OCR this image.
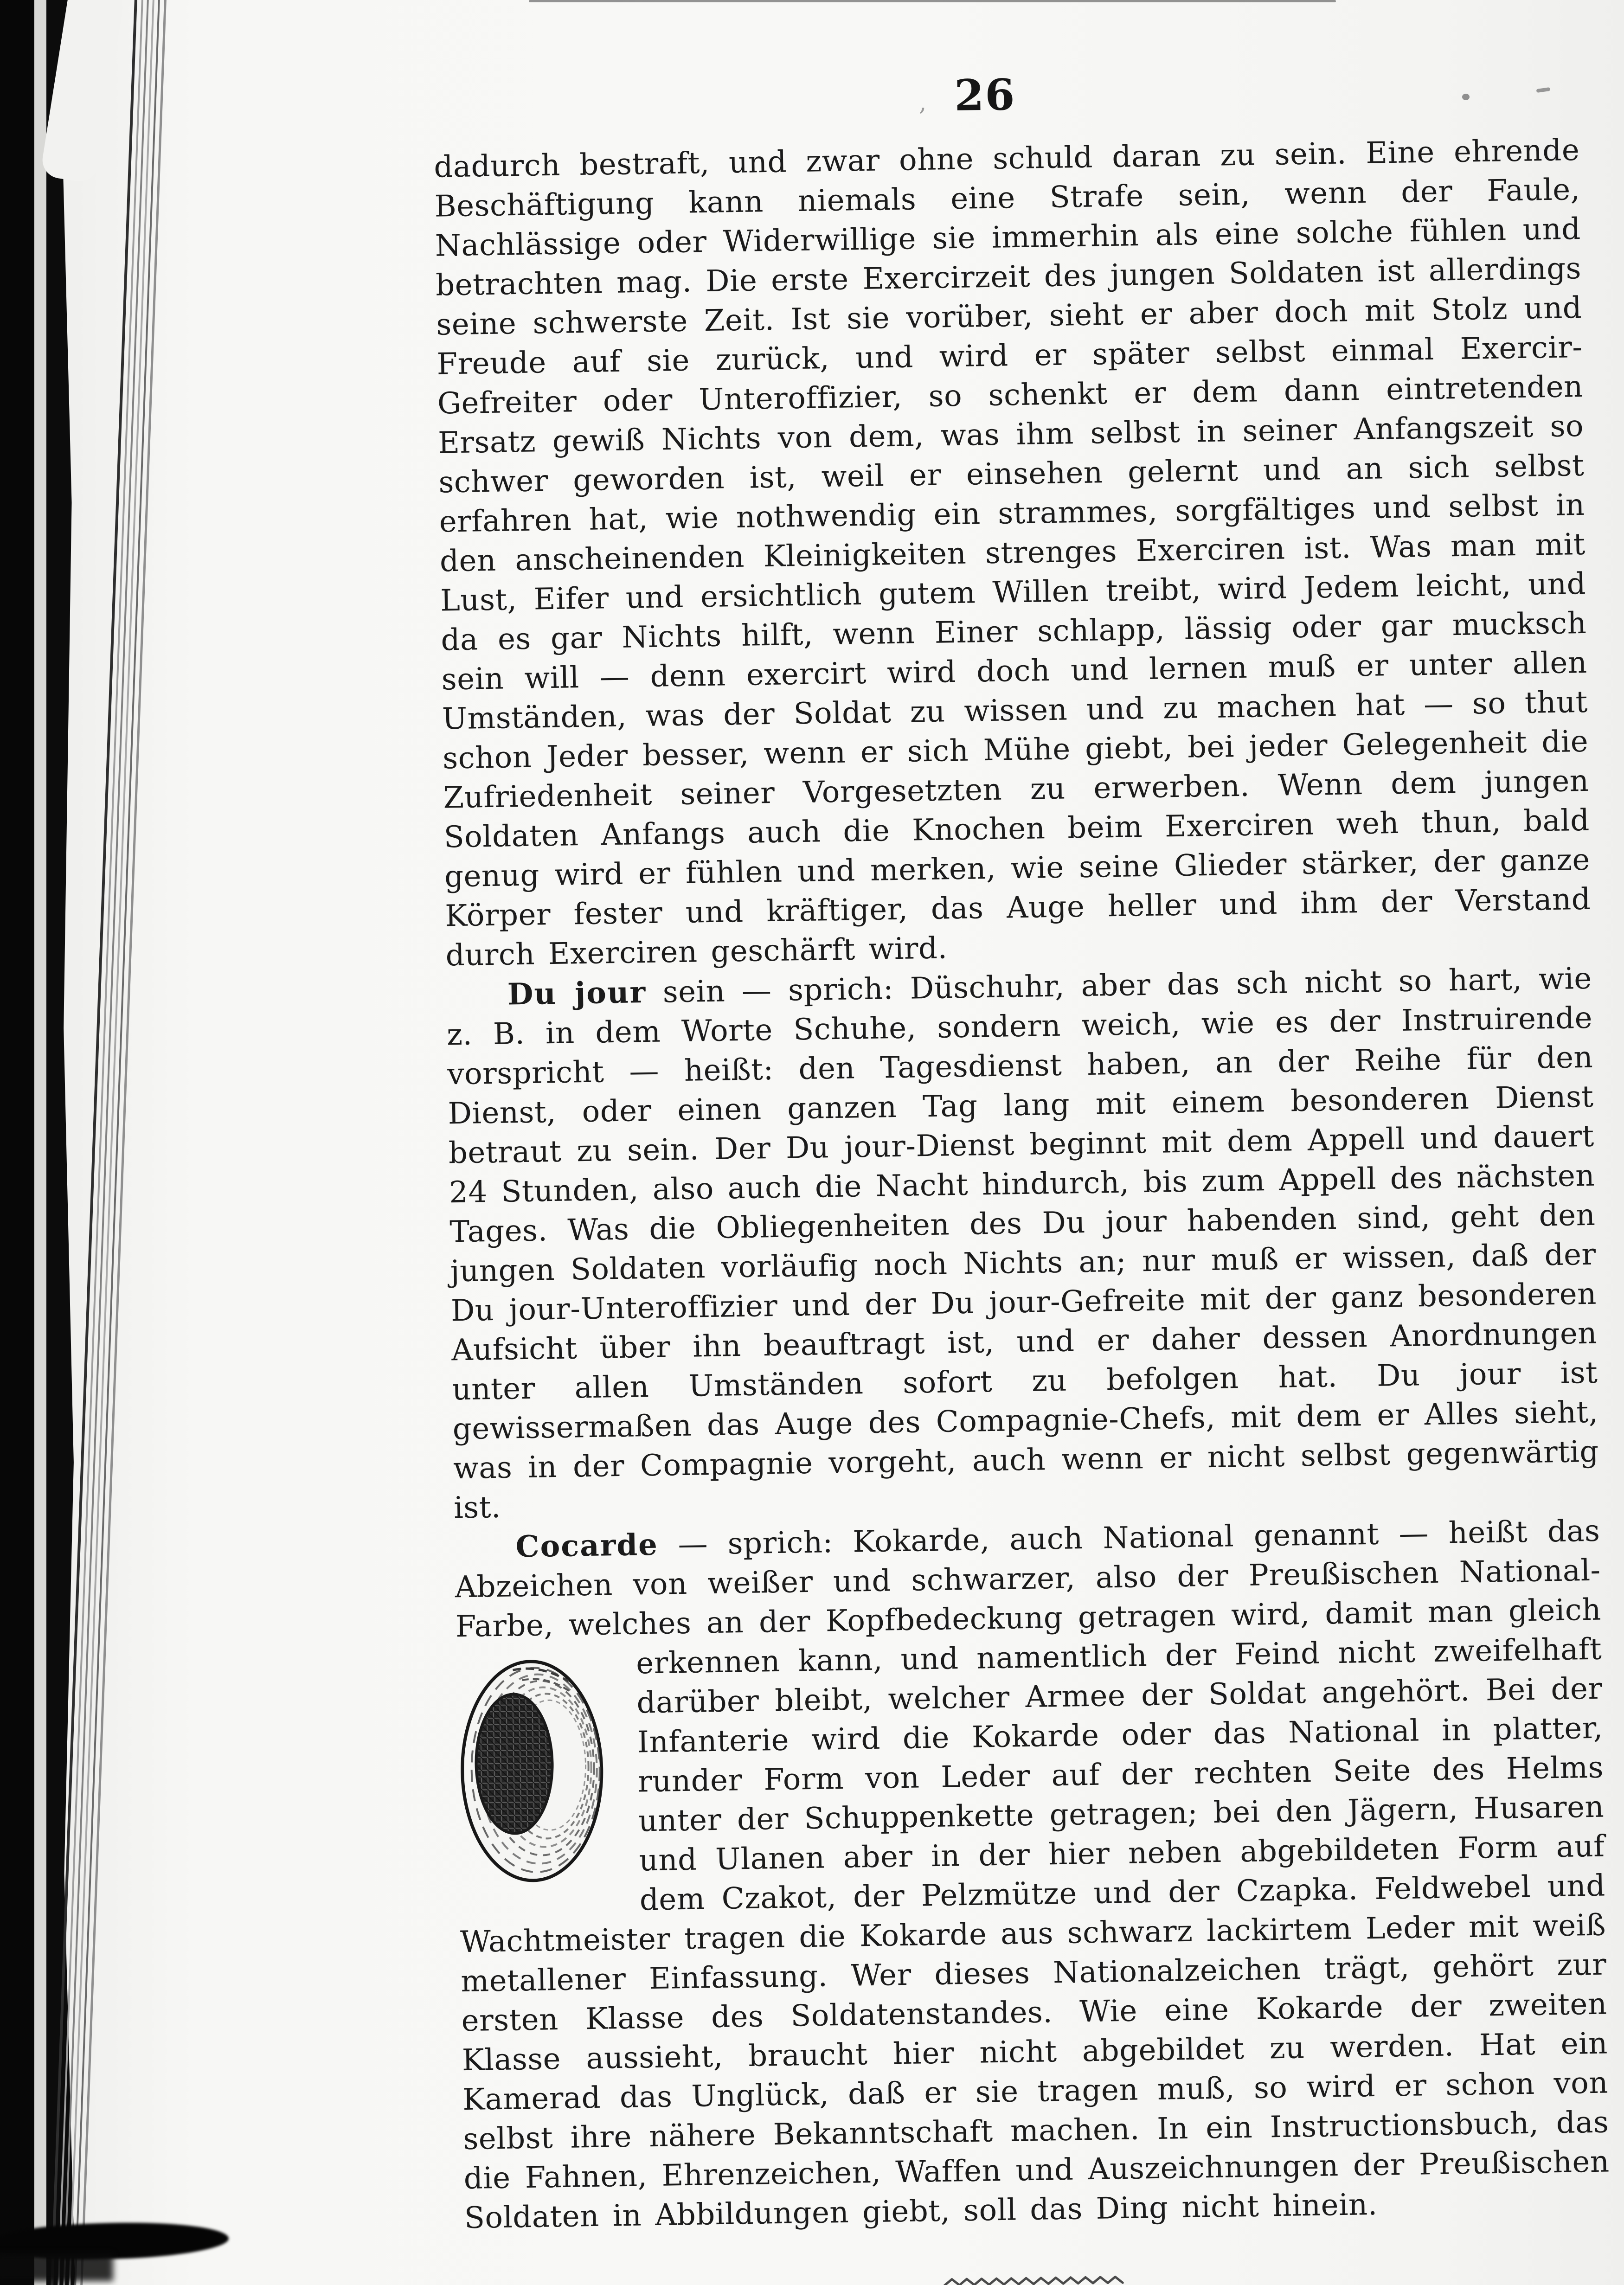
, 26

dadurch bestraft, und zwar ohne schuld daran zu sein. Eine ehrende Beschäftigung kann niemals eine Strafe sein, wenn der Faule, Nachlässige oder Widerwillige sie immerhin als eine solche fühlen und betrachten mag. Die erste Exercirzeit des jungen Soldaten ist allerdings seine schwerste Zeit. Ist sie vorüber, sieht er aber doch mit Stolz und Freude auf sie zurück, und wird er später selbst einmal Exercir-Gefreiter oder Unteroffizier, so schenkt er dem dann eintretenden Ersatz gewiß Nichts von dem, was ihm selbst in seiner Anfangszeit so schwer geworden ist, weil er einsehen gelernt und an sich selbst erfahren hat, wie nothwendig ein strammes, sorgfältiges und selbst in den anscheinenden Kleinigkeiten strenges Exerciren ist. Was man mit Lust, Eifer und ersichtlich gutem Willen treibt, wird Jedem leicht, und da es gar Nichts hilft, wenn Einer schlapp, lässig oder gar mucksch sein will — denn exercirt wird doch und lernen muß er unter allen Umständen, was der Soldat zu wissen und zu machen hat — so thut schon Jeder besser, wenn er sich Mühe giebt, bei jeder Gelegenheit die Zufriedenheit seiner Vorgesetzten zu erwerben. Wenn dem jungen Soldaten Anfangs auch die Knochen beim Exerciren weh thun, bald genug wird er fühlen und merken, wie seine Glieder stärker, der ganze Körper fester und kräftiger, das Auge heller und ihm der Verstand durch Exerciren geschärft wird.

Du jour sein — sprich: Düschuhr, aber das sch nicht so hart, wie z. B. in dem Worte Schuhe, sondern weich, wie es der Instruirende vorspricht — heißt: den Tagesdienst haben, an der Reihe für den Dienst, oder einen ganzen Tag lang mit einem besonderen Dienst betraut zu sein. Der Du jour-Dienst beginnt mit dem Appell und dauert 24 Stunden, also auch die Nacht hindurch, bis zum Appell des nächsten Tages. Was die Obliegenheiten des Du jour habenden sind, geht den jungen Soldaten vorläufig noch Nichts an; nur muß er wissen, daß der Du jour-Unteroffizier und der Du jour-Gefreite mit der ganz besonderen Aufsicht über ihn beauftragt ist, und er daher dessen Anordnungen unter allen Umständen sofort zu befolgen hat. Du jour ist gewissermaßen das Auge des Compagnie-Chefs, mit dem er Alles sieht, was in der Compagnie vorgeht, auch wenn er nicht selbst gegenwärtig ist.

Cocarde — sprich: Kokarde, auch National genannt — heißt das Abzeichen von weißer und schwarzer, also der Preußischen National-Farbe, welches an der Kopfbedeckung getragen wird, damit man gleich erkennen kann, und namentlich
der Feind nicht zweifelhaft darüber bleibt, welcher Armee der Soldat angehört. Bei der Infanterie wird die Kokarde oder das National in platter, runder Form von Leder auf der rechten Seite des Helms unter der Schuppenkette getragen; bei den Jägern, Husaren und Ulanen aber in der hier neben abgebildeten Form auf dem Czakot, der Pelzmütze und der Czapka. Feldwebel und Wachtmeister tragen die Kokarde aus schwarz lackirtem Leder mit weiß metallener Einfassung. Wer dieses Nationalzeichen trägt, gehört zur ersten Klasse des Soldatenstandes. Wie eine Kokarde der zweiten Klasse aussieht, braucht hier nicht abgebildet zu werden. Hat ein Kamerad das Unglück, daß er sie tragen muß, so wird er schon von selbst ihre nähere Bekanntschaft machen. In ein Instructionsbuch, das die Fahnen, Ehrenzeichen, Waffen und Auszeichnungen der Preußischen Soldaten in Abbildungen giebt, soll das Ding nicht hinein.
